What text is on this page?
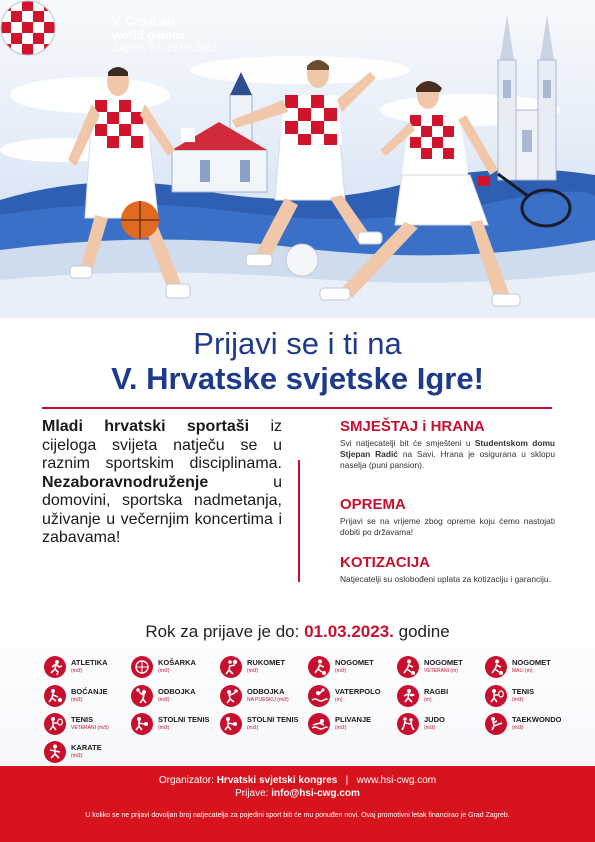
V. Croatian
world games
Zagreb, 24.-29.07.2023
Prijavi se i ti na
V. Hrvatske svjetske Igre!
Mladi hrvatski sportaši iz cijeloga svijeta natječu se u raznim sportskim disciplinama. Nezaboravnodruženje	u domovini, sportska nadmetanja, uživanje u večernjim koncertima i zabavama!
SMJEŠTAJ i HRANA

Svi natjecatelji bit će smješteni u Studentskom domu Stjepan Radić na Savi. Hrana je osigurana u sklopu naselja (puni pansion).

OPREMA

Prijavi se na vrijeme zbog opreme koju ćemo nastojati dobiti po državama!

KOTIZACIJA

Natjecatelji su oslobođeni uplata za kotizaciju i garanciju.

Rok za prijave je do: 01.03.2023. godine
ATLETIKA
(m/ž)
KOŠARKA
(m/ž)
RUKOMET
(m/ž)
NOGOMET
(m/ž)
NOGOMET
VETERANI (m)
NOGOMET
MALI (m)
BOĆANJE
(m/ž)
ODBOJKA
(m/ž)
ODBOJKA
NA PIJESKU (m/ž)
VATERPOLO
(m)
RAGBI
(m)
TENIS
(m/ž)
TENIS
VETERANI (m/ž)
STOLNI TENIS
(m/ž)
STOLNI TENIS
(m/ž)
PLIVANJE
(m/ž)
JUDO
(m/ž)
TAEKWONDO
(m/ž)
KARATE
(m/ž)
Organizator: Hrvatski svjetski kongres | www.hsi-cwg.com
Prijave: info@hsi-cwg.com
U koliko se ne prijavi dovoljan broj natjecatelja za pojedini sport biti će mu ponuđen novi. Ovaj promotivni letak financirao je Grad Zagreb.
